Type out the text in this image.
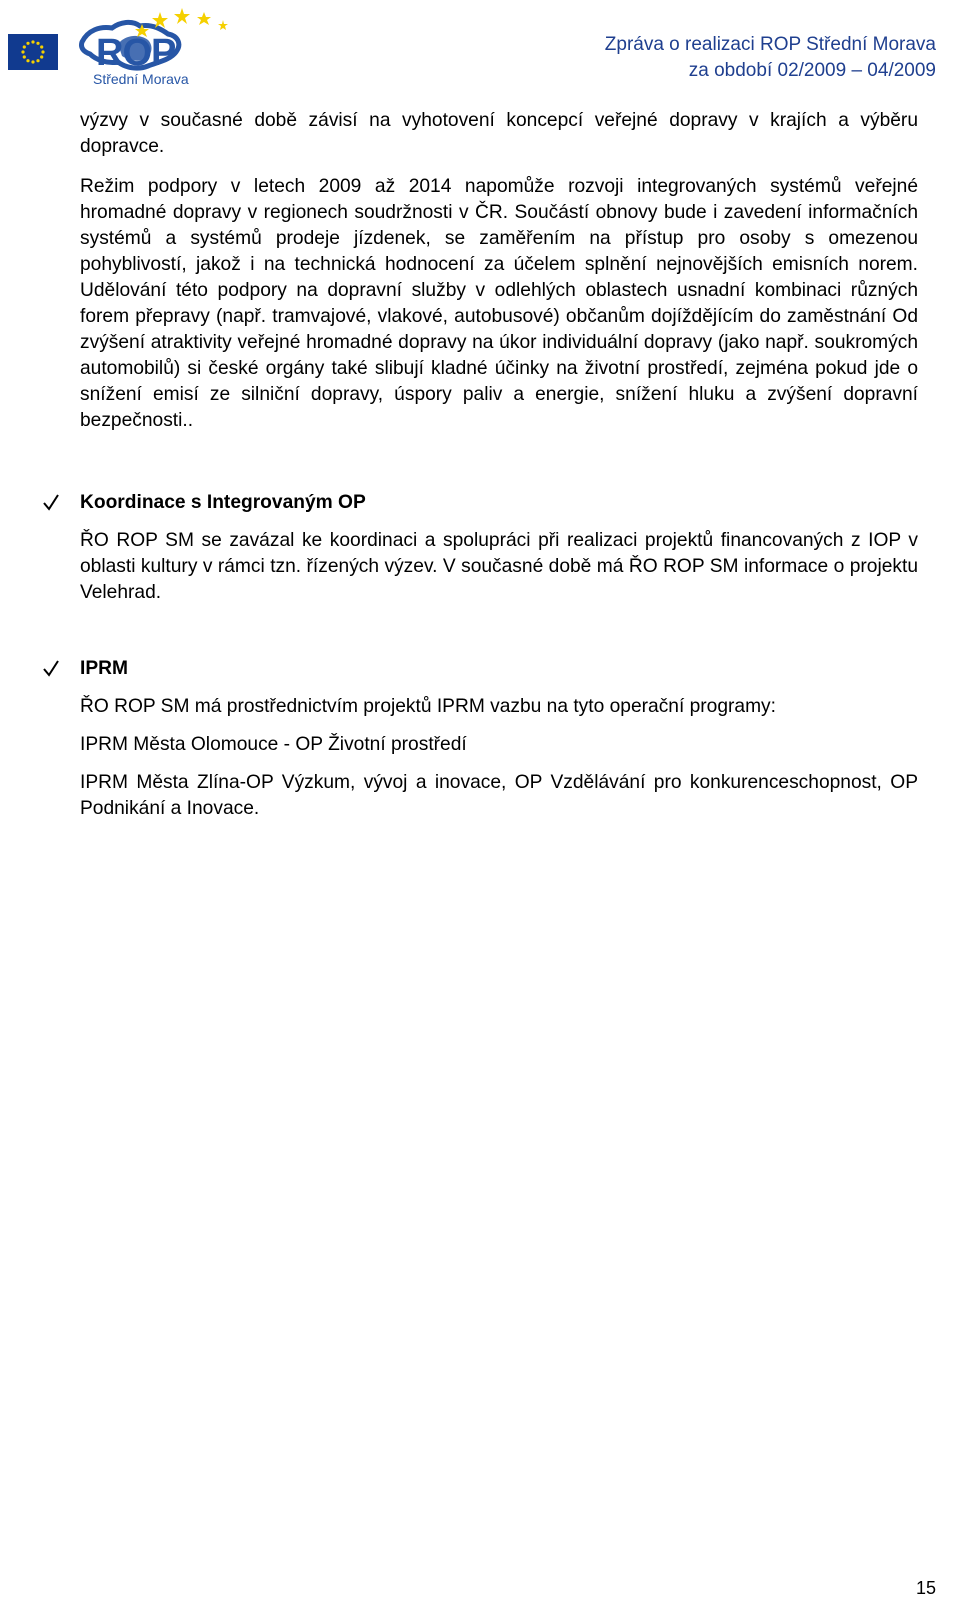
ROP
Střední Morava
Zpráva o realizaci ROP Střední Morava
za období 02/2009 – 04/2009

výzvy v současné době závisí na vyhotovení koncepcí veřejné dopravy v krajích a výběru dopravce.

Režim podpory v letech 2009 až 2014 napomůže rozvoji integrovaných systémů veřejné hromadné dopravy v regionech soudržnosti v ČR. Součástí obnovy bude i zavedení informačních systémů a systémů prodeje jízdenek, se zaměřením na přístup pro osoby s omezenou pohyblivostí, jakož i na technická hodnocení za účelem splnění nejnovějších emisních norem. Udělování této podpory na dopravní služby v odlehlých oblastech usnadní kombinaci různých forem přepravy (např. tramvajové, vlakové, autobusové) občanům dojíždějícím do zaměstnání Od zvýšení atraktivity veřejné hromadné dopravy na úkor individuální dopravy (jako např. soukromých automobilů) si české orgány také slibují kladné účinky na životní prostředí, zejména pokud jde o snížení emisí ze silniční dopravy, úspory paliv a energie, snížení hluku a zvýšení dopravní bezpečnosti..

Koordinace s Integrovaným OP

ŘO ROP SM se zavázal ke koordinaci a spolupráci při realizaci projektů financovaných z IOP v oblasti kultury v rámci tzn. řízených výzev. V současné době má ŘO ROP SM informace o projektu Velehrad.

IPRM

ŘO ROP SM má prostřednictvím projektů IPRM vazbu na tyto operační programy:

IPRM Města Olomouce - OP Životní prostředí

IPRM Města Zlína-OP Výzkum, vývoj a inovace, OP Vzdělávání pro konkurenceschopnost, OP Podnikání a Inovace.

15
